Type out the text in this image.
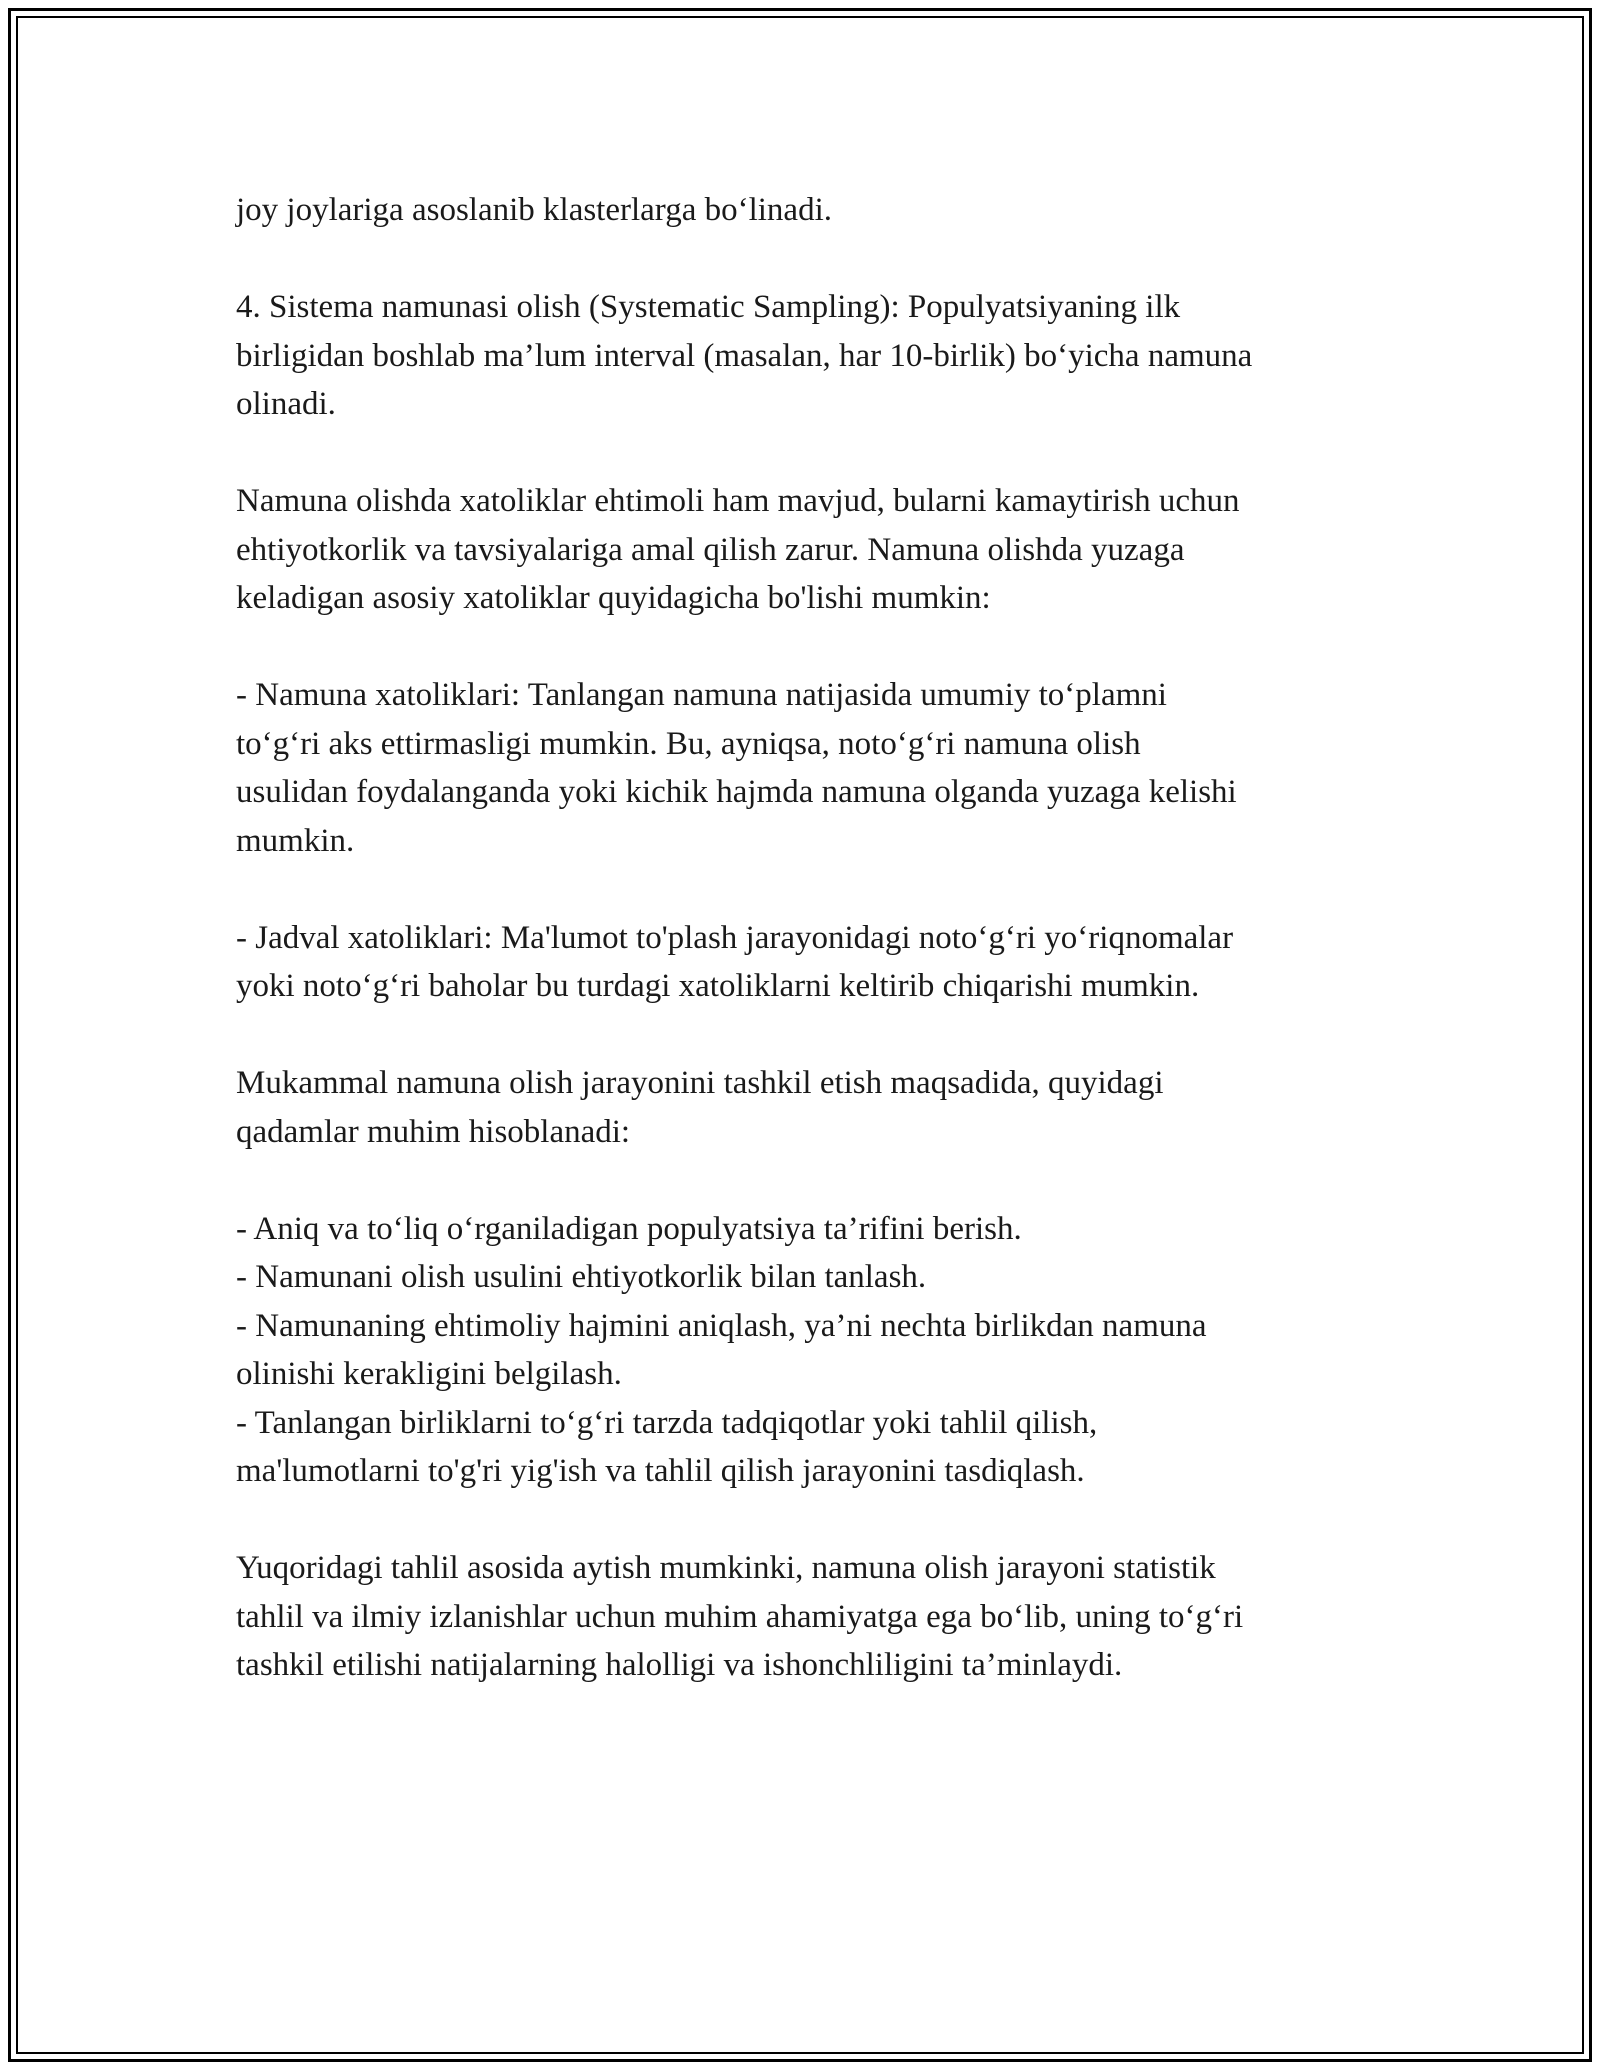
joy joylariga asoslanib klasterlarga bo‘linadi.

4. Sistema namunasi olish (Systematic Sampling): Populyatsiyaning ilk
birligidan boshlab ma’lum interval (masalan, har 10-birlik) bo‘yicha namuna
olinadi.

Namuna olishda xatoliklar ehtimoli ham mavjud, bularni kamaytirish uchun
ehtiyotkorlik va tavsiyalariga amal qilish zarur. Namuna olishda yuzaga
keladigan asosiy xatoliklar quyidagicha bo'lishi mumkin:

- Namuna xatoliklari: Tanlangan namuna natijasida umumiy to‘plamni
to‘g‘ri aks ettirmasligi mumkin. Bu, ayniqsa, noto‘g‘ri namuna olish
usulidan foydalanganda yoki kichik hajmda namuna olganda yuzaga kelishi
mumkin.

- Jadval xatoliklari: Ma'lumot to'plash jarayonidagi noto‘g‘ri yo‘riqnomalar
yoki noto‘g‘ri baholar bu turdagi xatoliklarni keltirib chiqarishi mumkin.

Mukammal namuna olish jarayonini tashkil etish maqsadida, quyidagi
qadamlar muhim hisoblanadi:

- Aniq va to‘liq o‘rganiladigan populyatsiya ta’rifini berish.
- Namunani olish usulini ehtiyotkorlik bilan tanlash.
- Namunaning ehtimoliy hajmini aniqlash, ya’ni nechta birlikdan namuna
olinishi kerakligini belgilash.
- Tanlangan birliklarni to‘g‘ri tarzda tadqiqotlar yoki tahlil qilish,
ma'lumotlarni to'g'ri yig'ish va tahlil qilish jarayonini tasdiqlash.

Yuqoridagi tahlil asosida aytish mumkinki, namuna olish jarayoni statistik
tahlil va ilmiy izlanishlar uchun muhim ahamiyatga ega bo‘lib, uning to‘g‘ri
tashkil etilishi natijalarning halolligi va ishonchliligini ta’minlaydi.
